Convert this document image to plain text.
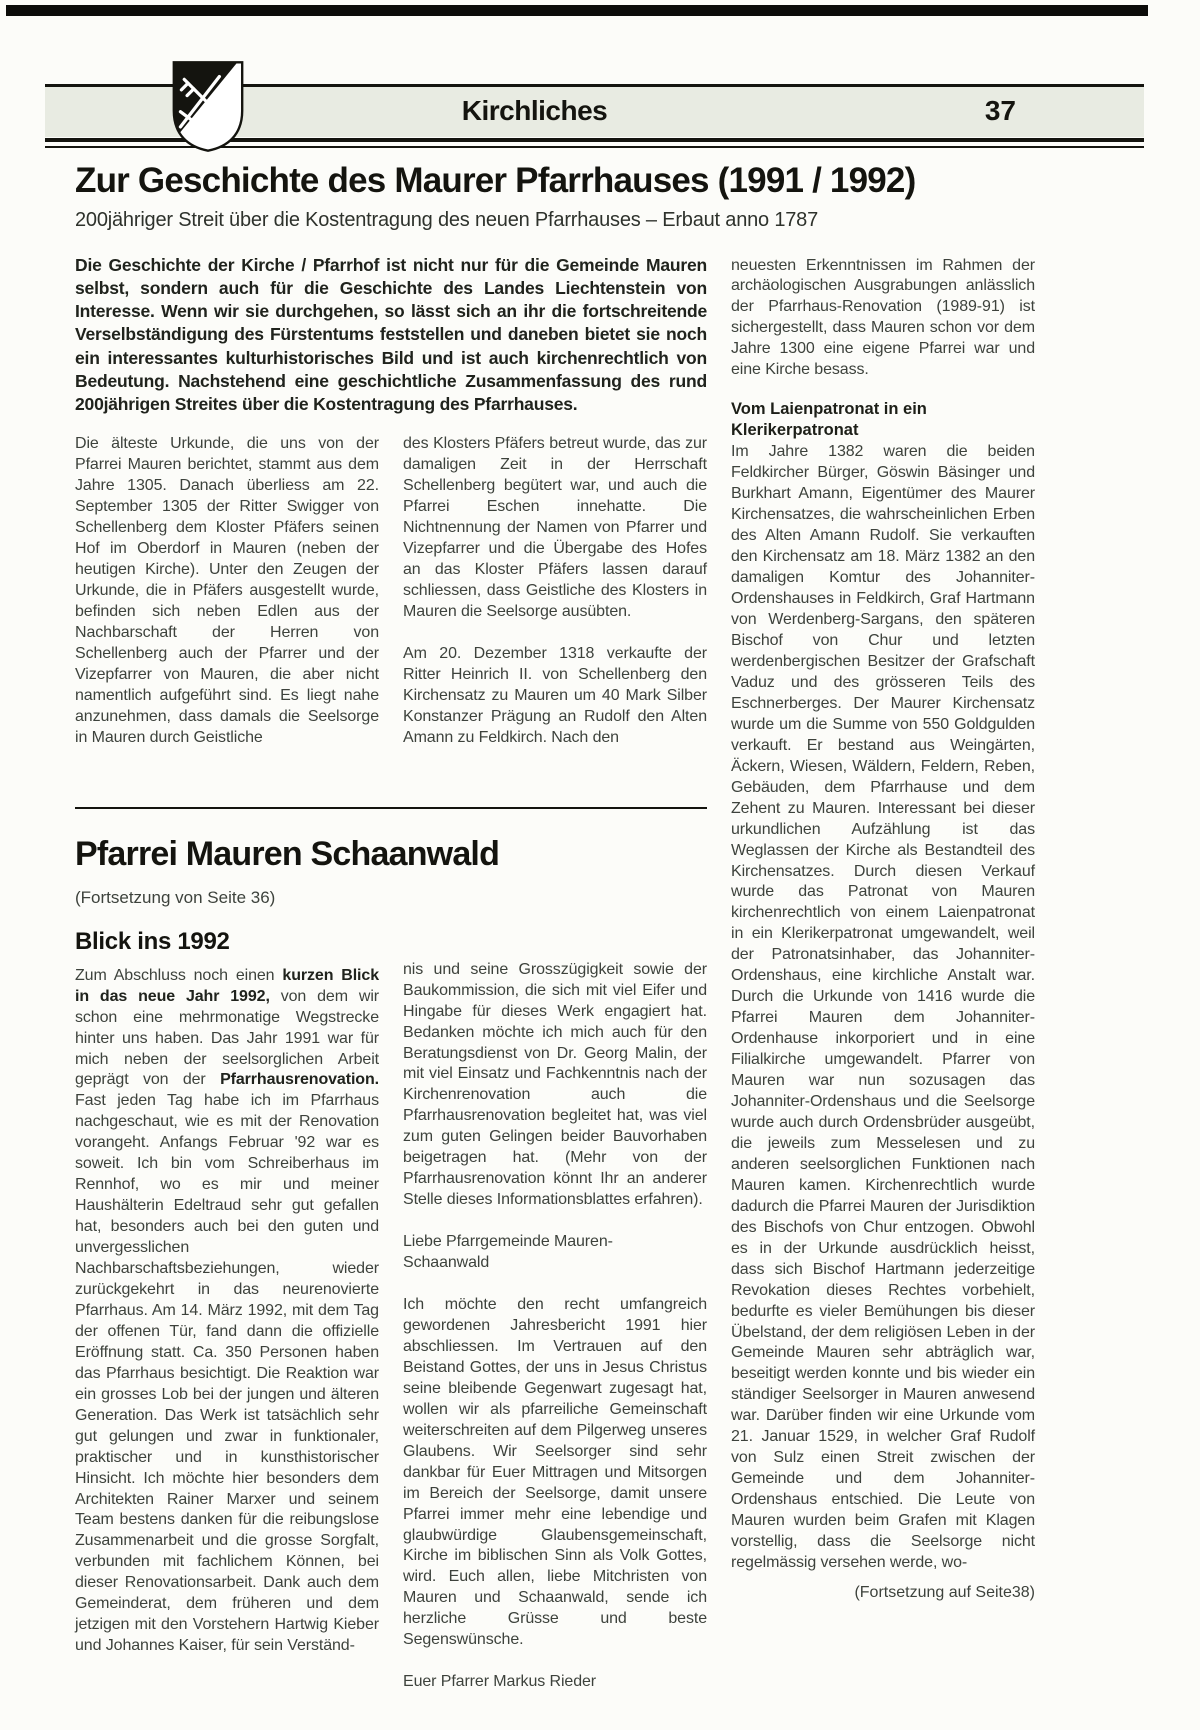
Kirchliches	37
Zur Geschichte des Maurer Pfarrhauses (1991 / 1992)

200jähriger Streit über die Kostentragung des neuen Pfarrhauses – Erbaut anno 1787

Die Geschichte der Kirche / Pfarrhof ist nicht nur für die Gemeinde Mauren selbst, sondern auch für die Geschichte des Landes Liechtenstein von Interesse. Wenn wir sie durchgehen, so lässt sich an ihr die fortschreitende Verselbständigung des Fürstentums feststellen und daneben bietet sie noch ein interessantes kulturhistorisches Bild und ist auch kirchenrechtlich von Bedeutung. Nachstehend eine geschichtliche Zusammenfassung des rund 200jährigen Streites über die Kostentragung des Pfarrhauses.

Die älteste Urkunde, die uns von der Pfarrei Mauren berichtet, stammt aus dem Jahre 1305. Danach überliess am 22. September 1305 der Ritter Swigger von Schellenberg dem Kloster Pfäfers seinen Hof im Oberdorf in Mauren (neben der heutigen Kirche). Unter den Zeugen der Urkunde, die in Pfäfers ausgestellt wurde, befinden sich neben Edlen aus der Nachbarschaft der Herren von Schellenberg auch der Pfarrer und der Vizepfarrer von Mauren, die aber nicht namentlich aufgeführt sind. Es liegt nahe anzunehmen, dass damals die Seelsorge in Mauren durch Geistliche

des Klosters Pfäfers betreut wurde, das zur damaligen Zeit in der Herrschaft Schellenberg begütert war, und auch die Pfarrei Eschen innehatte. Die Nichtnennung der Namen von Pfarrer und Vizepfarrer und die Übergabe des Hofes an das Kloster Pfäfers lassen darauf schliessen, dass Geistliche des Klosters in Mauren die Seelsorge ausübten.

Am 20. Dezember 1318 verkaufte der Ritter Heinrich II. von Schellenberg den Kirchensatz zu Mauren um 40 Mark Silber Konstanzer Prägung an Rudolf den Alten Amann zu Feldkirch. Nach den

Pfarrei Mauren Schaanwald

(Fortsetzung von Seite 36)

Blick ins 1992

Zum Abschluss noch einen kurzen Blick in das neue Jahr 1992, von dem wir schon eine mehrmonatige Wegstrecke hinter uns haben. Das Jahr 1991 war für mich neben der seelsorglichen Arbeit geprägt von der Pfarrhausrenovation. Fast jeden Tag habe ich im Pfarrhaus nachgeschaut, wie es mit der Renovation vorangeht. Anfangs Februar '92 war es soweit. Ich bin vom Schreiberhaus im Rennhof, wo es mir und meiner Haushälterin Edeltraud sehr gut gefallen hat, besonders auch bei den guten und unvergesslichen Nachbarschaftsbeziehungen, wieder zurückgekehrt in das neurenovierte Pfarrhaus. Am 14. März 1992, mit dem Tag der offenen Tür, fand dann die offizielle Eröffnung statt. Ca. 350 Personen haben das Pfarrhaus besichtigt. Die Reaktion war ein grosses Lob bei der jungen und älteren Generation. Das Werk ist tatsächlich sehr gut gelungen und zwar in funktionaler, praktischer und in kunsthistorischer Hinsicht. Ich möchte hier besonders dem Architekten Rainer Marxer und seinem Team bestens danken für die reibungslose Zusammenarbeit und die grosse Sorgfalt, verbunden mit fachlichem Können, bei dieser Renovationsarbeit. Dank auch dem Gemeinderat, dem früheren und dem jetzigen mit den Vorstehern Hartwig Kieber und Johannes Kaiser, für sein Verständ-

nis und seine Grosszügigkeit sowie der Baukommission, die sich mit viel Eifer und Hingabe für dieses Werk engagiert hat. Bedanken möchte ich mich auch für den Beratungsdienst von Dr. Georg Malin, der mit viel Einsatz und Fachkenntnis nach der Kirchenrenovation auch die Pfarrhausrenovation begleitet hat, was viel zum guten Gelingen beider Bauvorhaben beigetragen hat. (Mehr von der Pfarrhausrenovation könnt Ihr an anderer Stelle dieses Informationsblattes erfahren).

Liebe Pfarrgemeinde Mauren-
Schaanwald

Ich möchte den recht umfangreich gewordenen Jahresbericht 1991 hier abschliessen. Im Vertrauen auf den Beistand Gottes, der uns in Jesus Christus seine bleibende Gegenwart zugesagt hat, wollen wir als pfarreiliche Gemeinschaft weiterschreiten auf dem Pilgerweg unseres Glaubens. Wir Seelsorger sind sehr dankbar für Euer Mittragen und Mitsorgen im Bereich der Seelsorge, damit unsere Pfarrei immer mehr eine lebendige und glaubwürdige Glaubensgemeinschaft, Kirche im biblischen Sinn als Volk Gottes, wird. Euch allen, liebe Mitchristen von Mauren und Schaanwald, sende ich herzliche Grüsse und beste Segenswünsche.

Euer Pfarrer Markus Rieder

neuesten Erkenntnissen im Rahmen der archäologischen Ausgrabungen anlässlich der Pfarrhaus-Renovation (1989-91) ist sichergestellt, dass Mauren schon vor dem Jahre 1300 eine eigene Pfarrei war und eine Kirche besass.

Vom Laienpatronat in ein Klerikerpatronat

Im Jahre 1382 waren die beiden Feldkircher Bürger, Göswin Bäsinger und Burkhart Amann, Eigentümer des Maurer Kirchensatzes, die wahrscheinlichen Erben des Alten Amann Rudolf. Sie verkauften den Kirchensatz am 18. März 1382 an den damaligen Komtur des Johanniter-Ordenshauses in Feldkirch, Graf Hartmann von Werdenberg-Sargans, den späteren Bischof von Chur und letzten werdenbergischen Besitzer der Grafschaft Vaduz und des grösseren Teils des Eschnerberges. Der Maurer Kirchensatz wurde um die Summe von 550 Goldgulden verkauft. Er bestand aus Weingärten, Äckern, Wiesen, Wäldern, Feldern, Reben, Gebäuden, dem Pfarrhause und dem Zehent zu Mauren. Interessant bei dieser urkundlichen Aufzählung ist das Weglassen der Kirche als Bestandteil des Kirchensatzes. Durch diesen Verkauf wurde das Patronat von Mauren kirchenrechtlich von einem Laienpatronat in ein Klerikerpatronat umgewandelt, weil der Patronatsinhaber, das Johanniter-Ordenshaus, eine kirchliche Anstalt war. Durch die Urkunde von 1416 wurde die Pfarrei Mauren dem Johanniter-Ordenhause inkorporiert und in eine Filialkirche umgewandelt. Pfarrer von Mauren war nun sozusagen das Johanniter-Ordenshaus und die Seelsorge wurde auch durch Ordensbrüder ausgeübt, die jeweils zum Messelesen und zu anderen seelsorglichen Funktionen nach Mauren kamen. Kirchenrechtlich wurde dadurch die Pfarrei Mauren der Jurisdiktion des Bischofs von Chur entzogen. Obwohl es in der Urkunde ausdrücklich heisst, dass sich Bischof Hartmann jederzeitige Revokation dieses Rechtes vorbehielt, bedurfte es vieler Bemühungen bis dieser Übelstand, der dem religiösen Leben in der Gemeinde Mauren sehr abträglich war, beseitigt werden konnte und bis wieder ein ständiger Seelsorger in Mauren anwesend war. Darüber finden wir eine Urkunde vom 21. Januar 1529, in welcher Graf Rudolf von Sulz einen Streit zwischen der Gemeinde und dem Johanniter-Ordenshaus entschied. Die Leute von Mauren wurden beim Grafen mit Klagen vorstellig, dass die Seelsorge nicht regelmässig versehen werde, wo-

(Fortsetzung auf Seite38)
